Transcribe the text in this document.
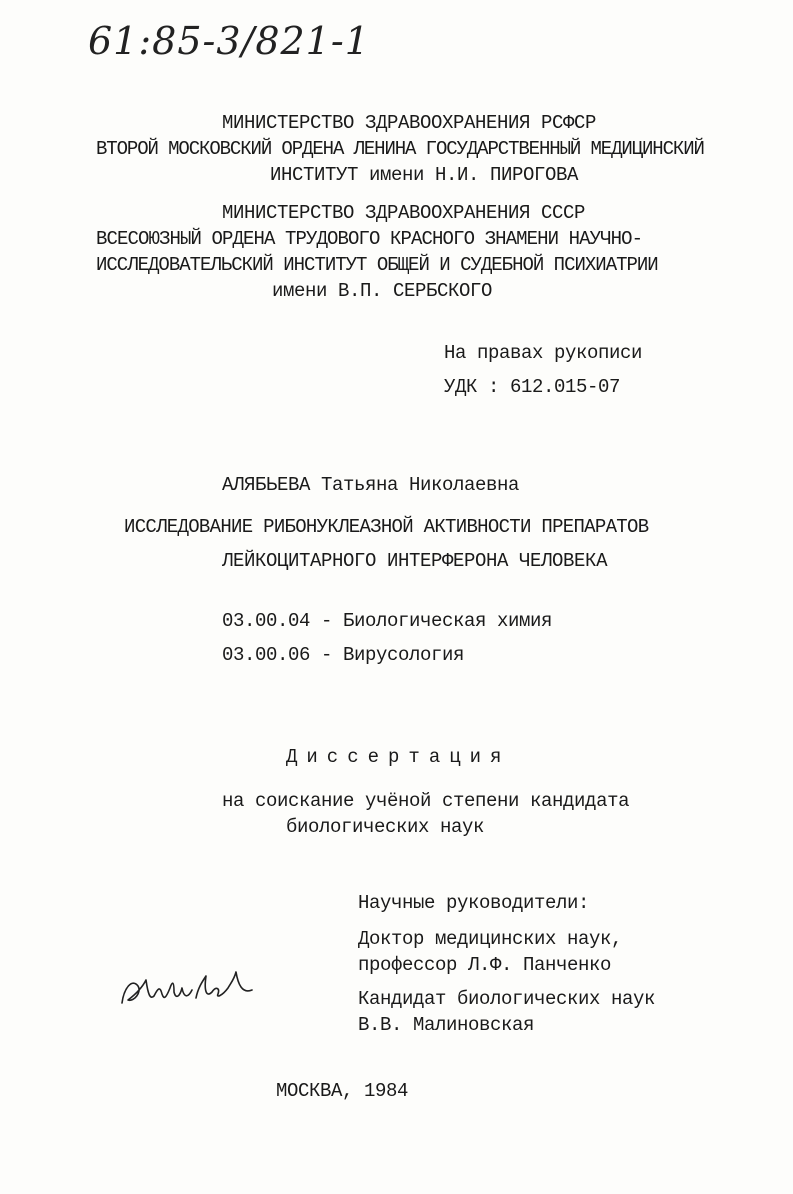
61:85-3/821-1
МИНИСТЕРСТВО ЗДРАВООХРАНЕНИЯ РСФСР
ВТОРОЙ МОСКОВСКИЙ ОРДЕНА ЛЕНИНА ГОСУДАРСТВЕННЫЙ МЕДИЦИНСКИЙ
ИНСТИТУТ имени Н.И. ПИРОГОВА
МИНИСТЕРСТВО ЗДРАВООХРАНЕНИЯ СССР
ВСЕСОЮЗНЫЙ ОРДЕНА ТРУДОВОГО КРАСНОГО ЗНАМЕНИ НАУЧНО-
ИССЛЕДОВАТЕЛЬСКИЙ ИНСТИТУТ ОБЩЕЙ И СУДЕБНОЙ ПСИХИАТРИИ
имени В.П. СЕРБСКОГО
На правах рукописи
УДК : 612.015-07
АЛЯБЬЕВА Татьяна Николаевна
ИССЛЕДОВАНИЕ РИБОНУКЛЕАЗНОЙ АКТИВНОСТИ ПРЕПАРАТОВ
ЛЕЙКОЦИТАРНОГО ИНТЕРФЕРОНА ЧЕЛОВЕКА
03.00.04 - Биологическая химия
03.00.06 - Вирусология
Диссертация
на соискание учёной степени кандидата
биологических наук
Научные руководители:
Доктор медицинских наук,
профессор Л.Ф. Панченко
Кандидат биологических наук
В.В. Малиновская
МОСКВА, 1984
